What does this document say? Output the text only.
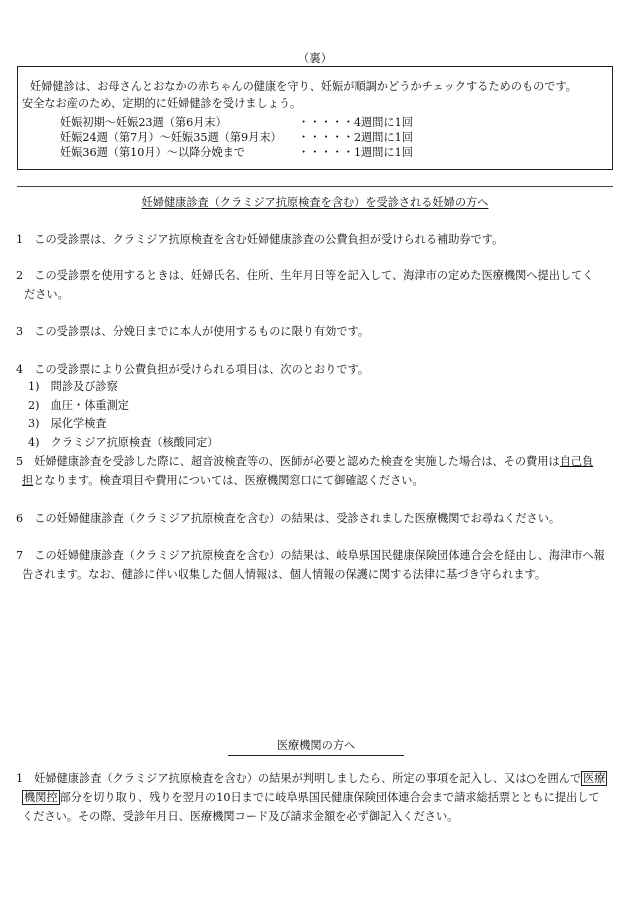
（裏）
妊婦健診は、お母さんとおなかの赤ちゃんの健康を守り、妊娠が順調かどうかチェックするためのものです。
安全なお産のため、定期的に妊婦健診を受けましょう。
妊娠初期～妊娠23週（第6月末）	・・・・・4週間に1回
妊娠24週（第7月）～妊娠35週（第9月末） ・・・・・2週間に1回
妊娠36週（第10月）～以降分娩まで	・・・・・1週間に1回
妊婦健康診査（クラミジア抗原検査を含む）を受診される妊婦の方へ
1　この受診票は、クラミジア抗原検査を含む妊婦健康診査の公費負担が受けられる補助券です。
2　この受診票を使用するときは、妊婦氏名、住所、生年月日等を記入して、海津市の定めた医療機関へ提出してく
ださい。
3　この受診票は、分娩日までに本人が使用するものに限り有効です。
4　この受診票により公費負担が受けられる項目は、次のとおりです。
1)　問診及び診察
2)　血圧・体重測定
3)　尿化学検査
4)　クラミジア抗原検査（核酸同定）
5　妊婦健康診査を受診した際に、超音波検査等の、医師が必要と認めた検査を実施した場合は、その費用は自己負
担となります。検査項目や費用については、医療機関窓口にて御確認ください。
6　この妊婦健康診査（クラミジア抗原検査を含む）の結果は、受診されました医療機関でお尋ねください。
7　この妊婦健康診査（クラミジア抗原検査を含む）の結果は、岐阜県国民健康保険団体連合会を経由し、海津市へ報
告されます。なお、健診に伴い収集した個人情報は、個人情報の保護に関する法律に基づき守られます。
医療機関の方へ
1　妊婦健康診査（クラミジア抗原検査を含む）の結果が判明しましたら、所定の事項を記入し、又は○を囲んで 医療
機関控 部分を切り取り、残りを翌月の10日までに岐阜県国民健康保険団体連合会まで請求総括票とともに提出して
ください。その際、受診年月日、医療機関コード及び請求金額を必ず御記入ください。
